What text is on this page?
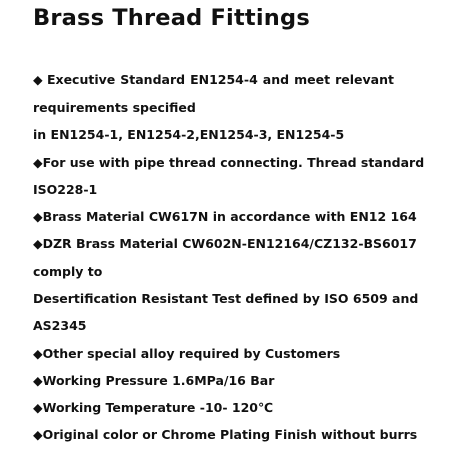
Brass Thread Fittings
◆ Executive Standard EN1254-4 and meet relevant
requirements specified
in EN1254-1, EN1254-2,EN1254-3, EN1254-5
◆For use with pipe thread connecting. Thread standard
ISO228-1
◆Brass Material CW617N in accordance with EN12 164
◆DZR Brass Material CW602N-EN12164/CZ132-BS6017
comply to
Desertification Resistant Test defined by ISO 6509 and
AS2345
◆Other special alloy required by Customers
◆Working Pressure 1.6MPa/16 Bar
◆Working Temperature -10- 120℃
◆Original color or Chrome Plating Finish without burrs
